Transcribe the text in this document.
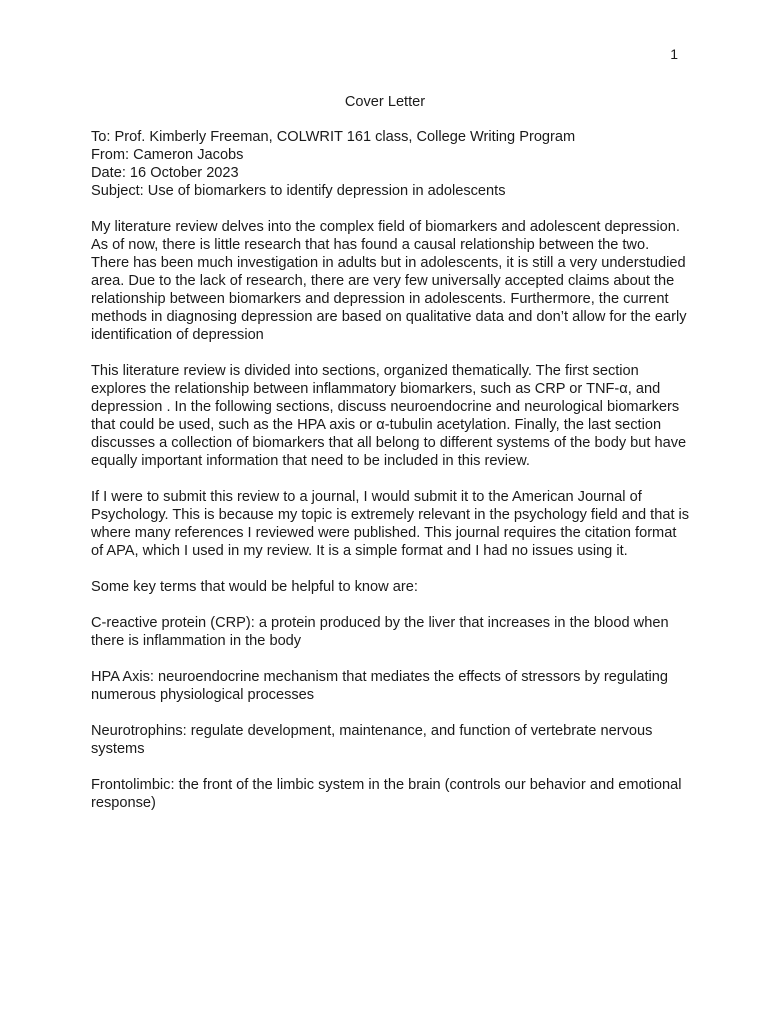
1
Cover Letter
To: Prof. Kimberly Freeman, COLWRIT 161 class, College Writing Program
From: Cameron Jacobs
Date: 16 October 2023
Subject: Use of biomarkers to identify depression in adolescents

My literature review delves into the complex field of biomarkers and adolescent depression. As of now, there is little research that has found a causal relationship between the two. There has been much investigation in adults but in adolescents, it is still a very understudied area. Due to the lack of research, there are very few universally accepted claims about the relationship between biomarkers and depression in adolescents. Furthermore, the current methods in diagnosing depression are based on qualitative data and don’t allow for the early identification of depression

This literature review is divided into sections, organized thematically. The first section explores the relationship between inflammatory biomarkers, such as CRP or TNF-α, and depression . In the following sections, discuss neuroendocrine and neurological biomarkers that could be used, such as the HPA axis or α-tubulin acetylation. Finally, the last section discusses a collection of biomarkers that all belong to different systems of the body but have equally important information that need to be included in this review.

If I were to submit this review to a journal, I would submit it to the American Journal of Psychology. This is because my topic is extremely relevant in the psychology field and that is where many references I reviewed were published. This journal requires the citation format of APA, which I used in my review. It is a simple format and I had no issues using it.

Some key terms that would be helpful to know are:

C-reactive protein (CRP): a protein produced by the liver that increases in the blood when there is inflammation in the body
HPA Axis: neuroendocrine mechanism that mediates the effects of stressors by regulating numerous physiological processes
Neurotrophins: regulate development, maintenance, and function of vertebrate nervous systems
Frontolimbic: the front of the limbic system in the brain (controls our behavior and emotional response)
